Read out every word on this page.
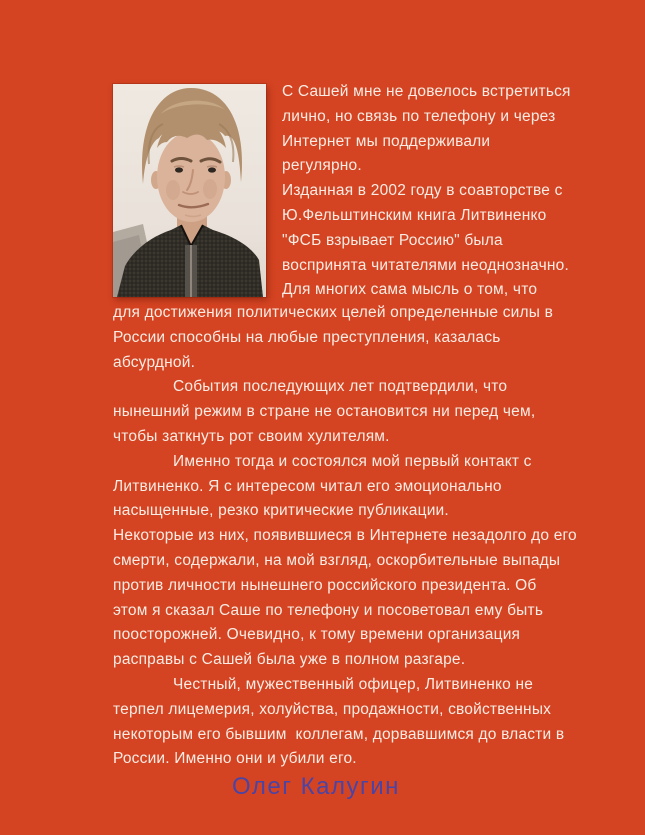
С Сашей мне не довелось встретиться
лично, но связь по телефону и через
Интернет мы поддерживали
регулярно.
Изданная в 2002 году в соавторстве с
Ю.Фельштинским книга Литвиненко
"ФСБ взрывает Россию" была
воспринята читателями неоднозначно.
Для многих сама мысль о том, что
для достижения политических целей определенные силы в
России способны на любые преступления, казалась
абсурдной.
События последующих лет подтвердили, что
нынешний режим в стране не остановится ни перед чем,
чтобы заткнуть рот своим хулителям.
Именно тогда и состоялся мой первый контакт с
Литвиненко. Я с интересом читал его эмоционально
насыщенные, резко критические публикации.
Некоторые из них, появившиеся в Интернете незадолго до его
смерти, содержали, на мой взгляд, оскорбительные выпады
против личности нынешнего российского президента. Об
этом я сказал Саше по телефону и посоветовал ему быть
поосторожней. Очевидно, к тому времени организация
расправы с Сашей была уже в полном разгаре.
Честный, мужественный офицер, Литвиненко не
терпел лицемерия, холуйства, продажности, свойственных
некоторым его бывшим  коллегам, дорвавшимся до власти в
России. Именно они и убили его.
Олег Калугин
